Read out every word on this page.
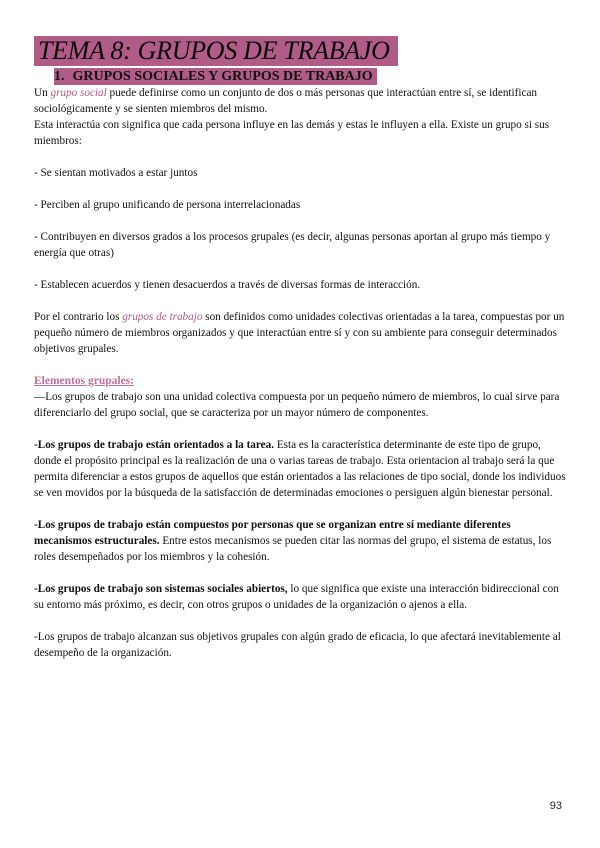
TEMA 8: GRUPOS DE TRABAJO
1. GRUPOS SOCIALES Y GRUPOS DE TRABAJO

Un grupo social puede definirse como un conjunto de dos o más personas que interactúan entre sí, se identifican sociológicamente y se sienten miembros del mismo.

Esta interactúa con significa que cada persona influye en las demás y estas le influyen a ella. Existe un grupo si sus miembros:

- Se sientan motivados a estar juntos

- Perciben al grupo unificando de persona interrelacionadas

- Contribuyen en diversos grados a los procesos grupales (es decir, algunas personas aportan al grupo más tiempo y energía que otras)

- Establecen acuerdos y tienen desacuerdos a través de diversas formas de interacción.

Por el contrario los grupos de trabajo son definidos como unidades colectivas orientadas a la tarea, compuestas por un pequeño número de miembros organizados y que interactúan entre sí y con su ambiente para conseguir determinados objetivos grupales.

Elementos grupales:

—Los grupos de trabajo son una unidad colectiva compuesta por un pequeño número de miembros, lo cual sirve para diferenciarlo del grupo social, que se caracteriza por un mayor número de componentes.

-Los grupos de trabajo están orientados a la tarea. Esta es la característica determinante de este tipo de grupo, donde el propósito principal es la realización de una o varias tareas de trabajo. Esta orientacion al trabajo será la que permita diferenciar a estos grupos de aquellos que están orientados a las relaciones de tipo social, donde los individuos se ven movidos por la búsqueda de la satisfacción de determinadas emociones o persiguen algún bienestar personal.

-Los grupos de trabajo están compuestos por personas que se organizan entre sí mediante diferentes mecanismos estructurales. Entre estos mecanismos se pueden citar las normas del grupo, el sistema de estatus, los roles desempeñados por los miembros y la cohesión.

-Los grupos de trabajo son sistemas sociales abiertos, lo que significa que existe una interacción bidireccional con su entorno más próximo, es decir, con otros grupos o unidades de la organización o ajenos a ella.

-Los grupos de trabajo alcanzan sus objetivos grupales con algún grado de eficacia, lo que afectará inevitablemente al desempeño de la organización.

93
